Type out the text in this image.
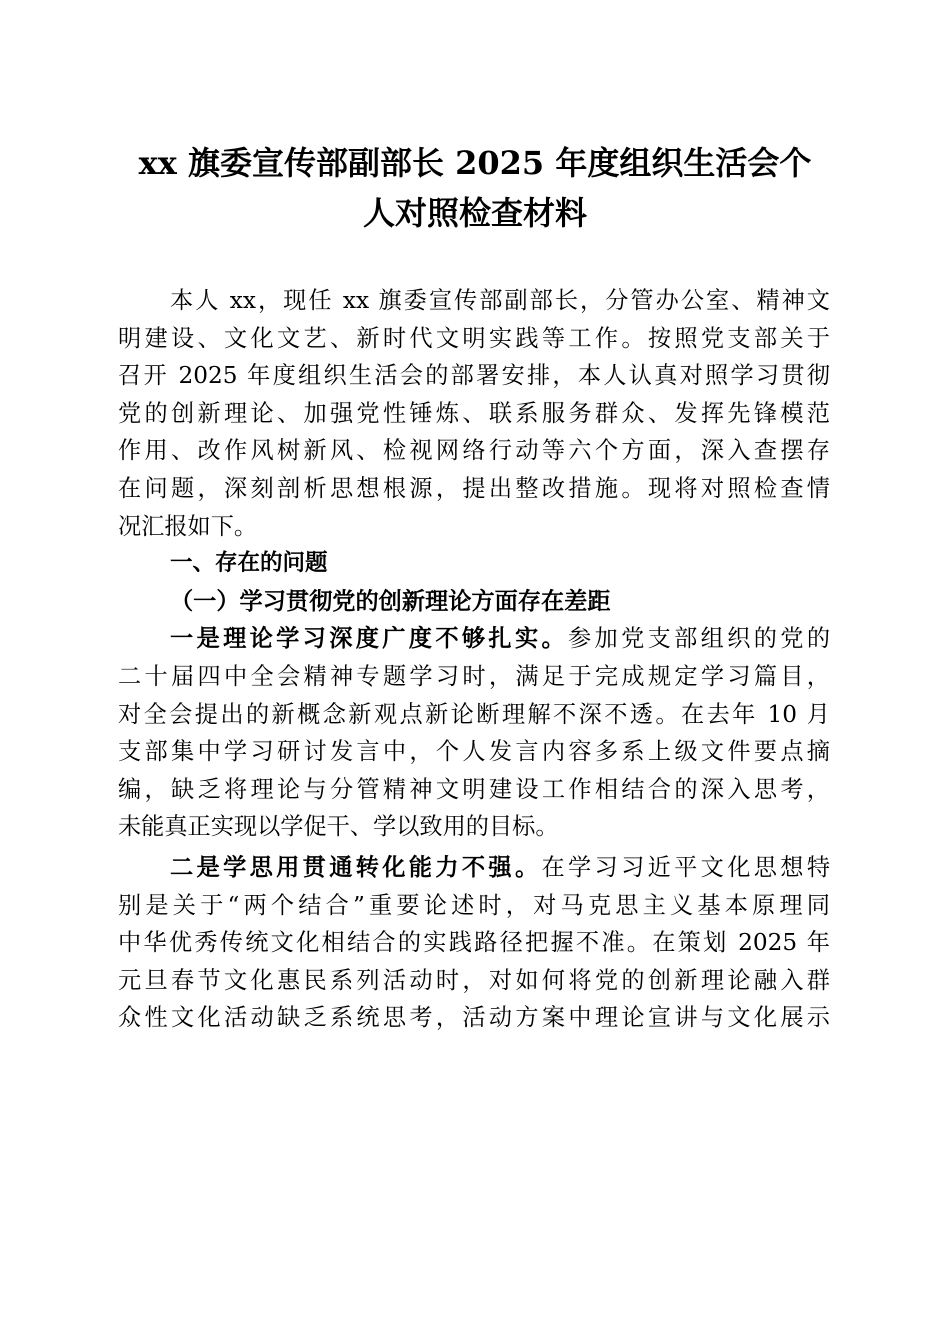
xx 旗委宣传部副部长 2025 年度组织生活会个
人对照检查材料

本人 xx，现任 xx 旗委宣传部副部长，分管办公室、精神文
明建设、文化文艺、新时代文明实践等工作。按照党支部关于
召开 2025 年度组织生活会的部署安排，本人认真对照学习贯彻
党的创新理论、加强党性锤炼、联系服务群众、发挥先锋模范
作用、改作风树新风、检视网络行动等六个方面，深入查摆存
在问题，深刻剖析思想根源，提出整改措施。现将对照检查情
况汇报如下。

一、存在的问题

（一）学习贯彻党的创新理论方面存在差距

一是理论学习深度广度不够扎实。参加党支部组织的党的
二十届四中全会精神专题学习时，满足于完成规定学习篇目，
对全会提出的新概念新观点新论断理解不深不透。在去年 10 月
支部集中学习研讨发言中，个人发言内容多系上级文件要点摘
编，缺乏将理论与分管精神文明建设工作相结合的深入思考，
未能真正实现以学促干、学以致用的目标。

二是学思用贯通转化能力不强。在学习习近平文化思想特
别是关于“两个结合”重要论述时，对马克思主义基本原理同
中华优秀传统文化相结合的实践路径把握不准。在策划 2025 年
元旦春节文化惠民系列活动时，对如何将党的创新理论融入群
众性文化活动缺乏系统思考，活动方案中理论宣讲与文化展示
